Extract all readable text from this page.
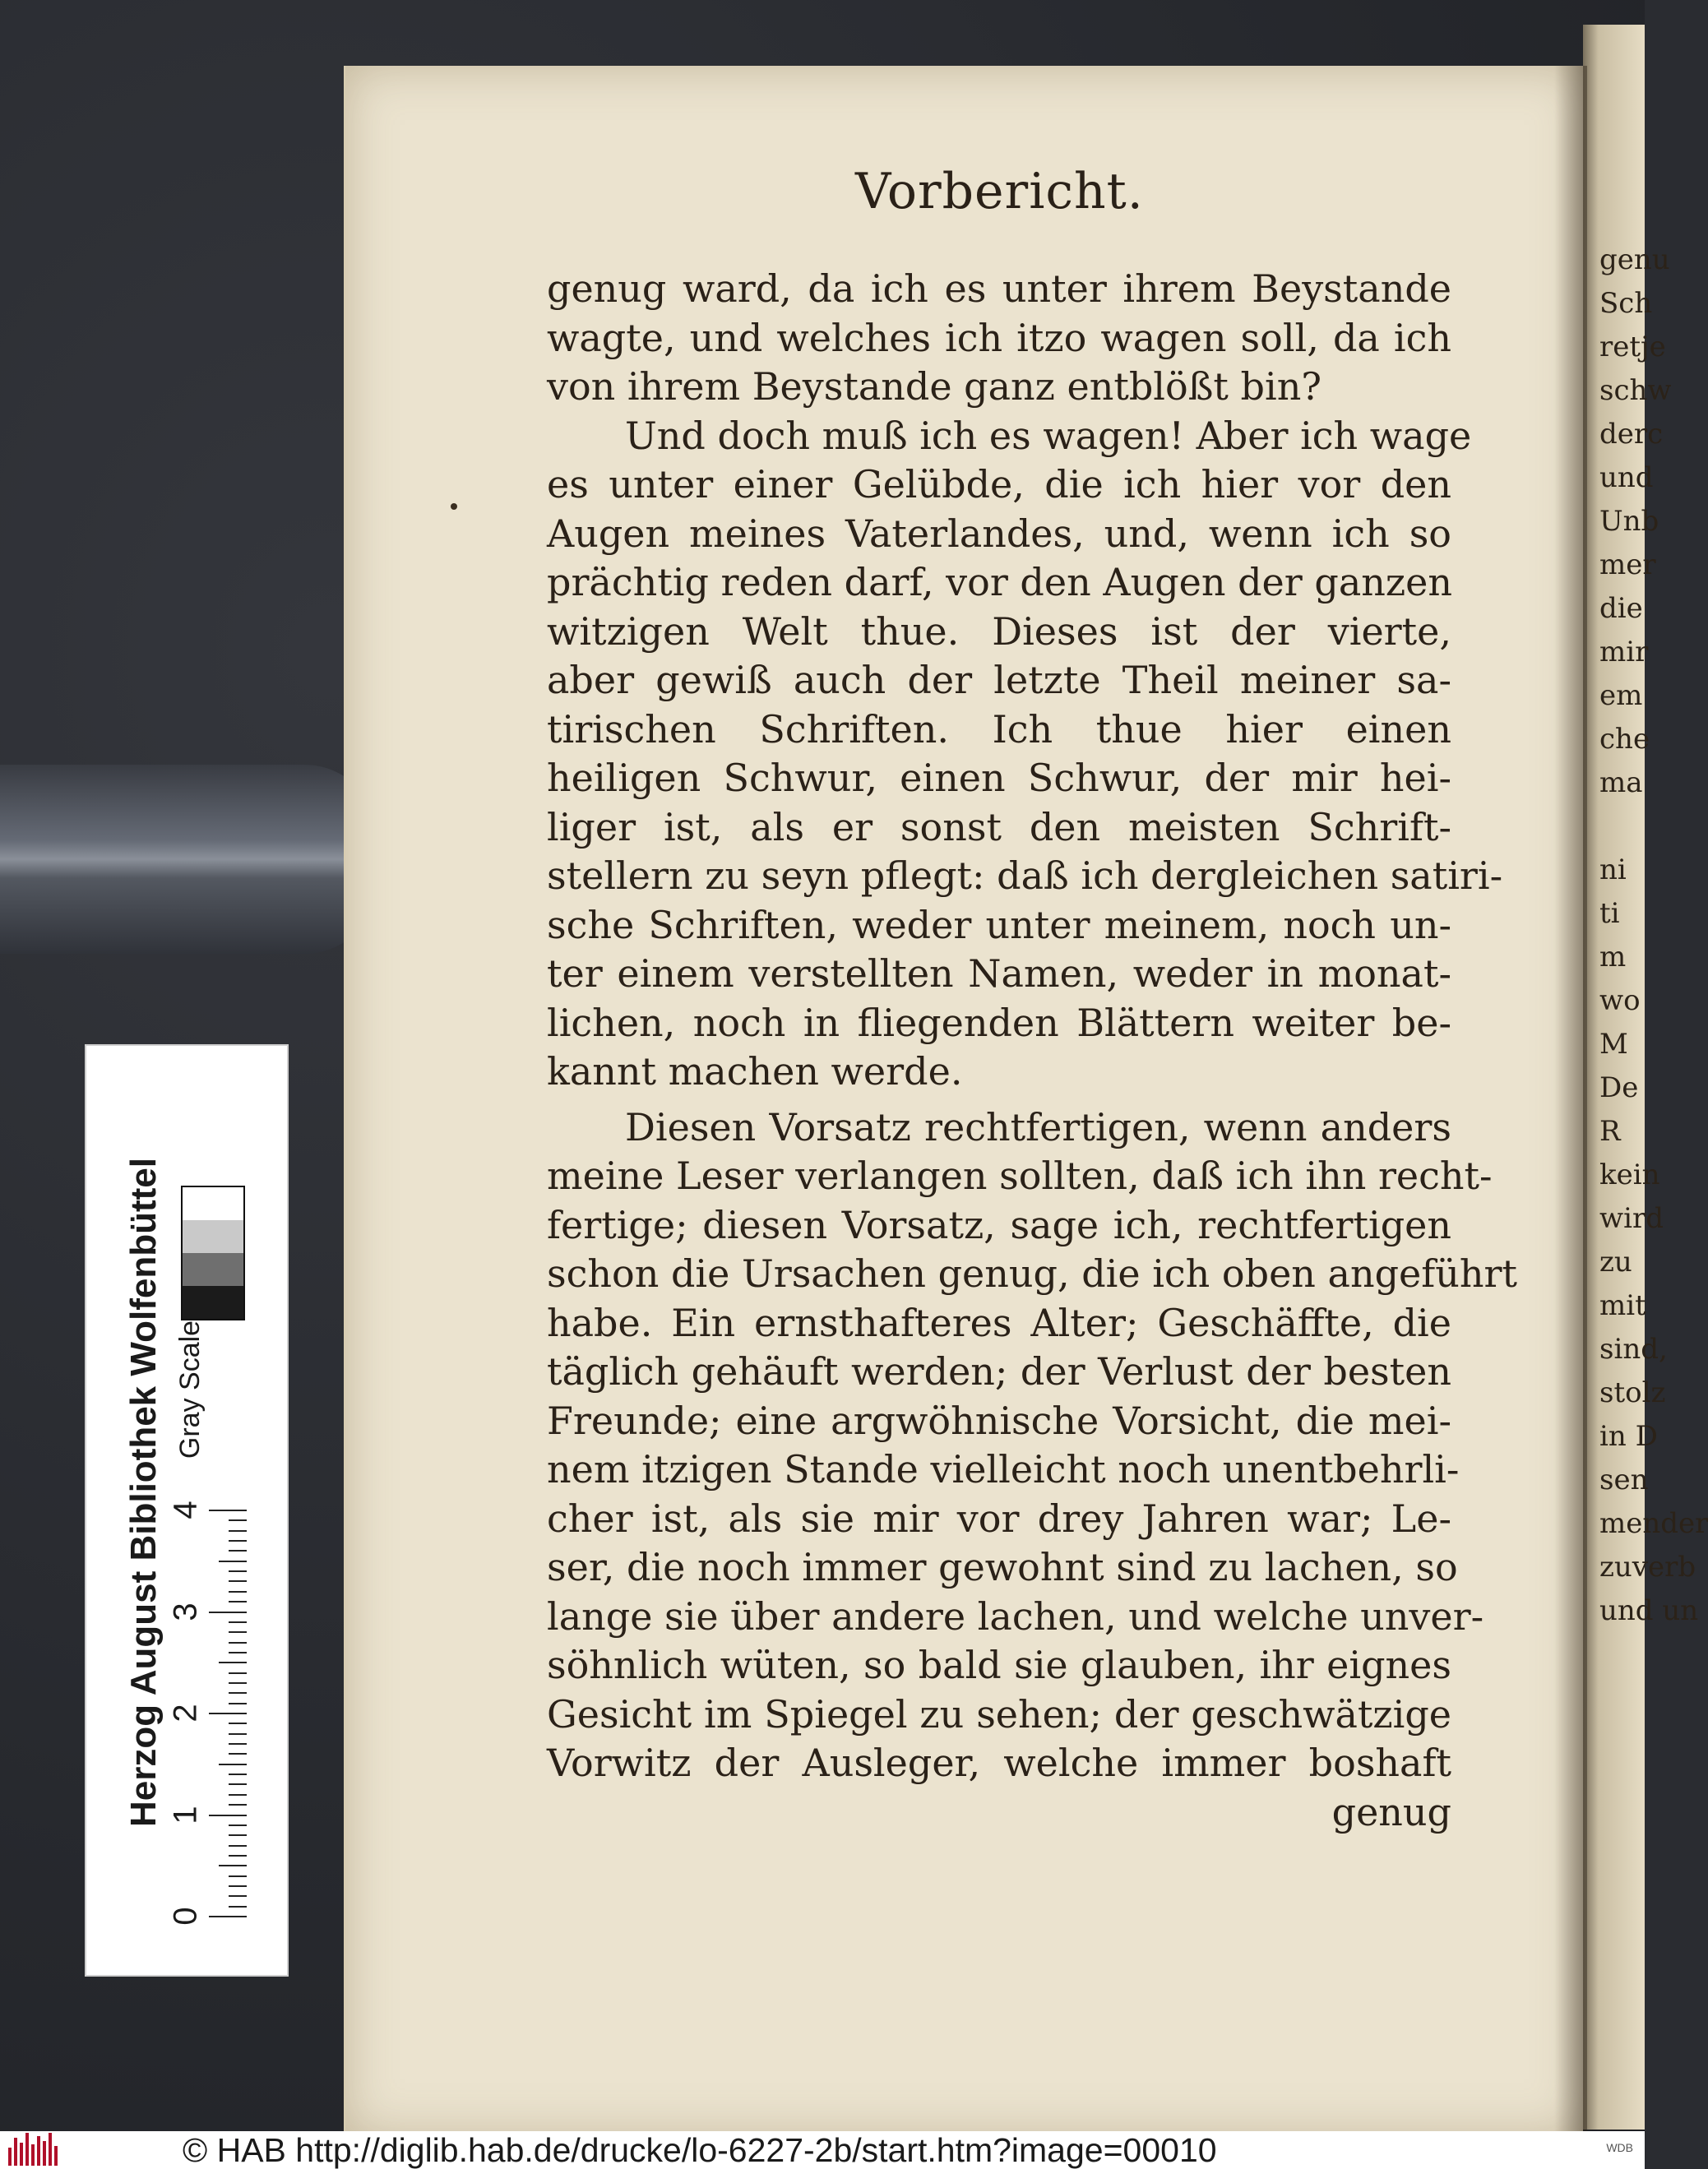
genu
Sch
retje
schw
derc
und
Unb
mer
die
mir
em
che
ma

ni
ti
m
wo
M
De
R
kein
wird
zu
mit
sind,
stolz
in D
sen
mender
zuverb
und un
Vorbericht.
genug ward, da ich es unter ihrem Beystande
wagte, und welches ich itzo wagen soll, da ich
von ihrem Beystande ganz entblößt bin?
Und doch muß ich es wagen! Aber ich wage
es unter einer Gelübde, die ich hier vor den
Augen meines Vaterlandes, und, wenn ich so
prächtig reden darf, vor den Augen der ganzen
witzigen Welt thue. Dieses ist der vierte,
aber gewiß auch der letzte Theil meiner sa-
tirischen Schriften. Ich thue hier einen
heiligen Schwur, einen Schwur, der mir hei-
liger ist, als er sonst den meisten Schrift-
stellern zu seyn pflegt: daß ich dergleichen satiri-
sche Schriften, weder unter meinem, noch un-
ter einem verstellten Namen, weder in monat-
lichen, noch in fliegenden Blättern weiter be-
kannt machen werde.
Diesen Vorsatz rechtfertigen, wenn anders
meine Leser verlangen sollten, daß ich ihn recht-
fertige; diesen Vorsatz, sage ich, rechtfertigen
schon die Ursachen genug, die ich oben angeführt
habe. Ein ernsthafteres Alter; Geschäffte, die
täglich gehäuft werden; der Verlust der besten
Freunde; eine argwöhnische Vorsicht, die mei-
nem itzigen Stande vielleicht noch unentbehrli-
cher ist, als sie mir vor drey Jahren war; Le-
ser, die noch immer gewohnt sind zu lachen, so
lange sie über andere lachen, und welche unver-
söhnlich wüten, so bald sie glauben, ihr eignes
Gesicht im Spiegel zu sehen; der geschwätzige
Vorwitz der Ausleger, welche immer boshaft
genug
Herzog August Bibliothek Wolfenbüttel Gray Scale
0
1
2
3
4
© HAB http://diglib.hab.de/drucke/lo-6227-2b/start.htm?image=00010	WDB
